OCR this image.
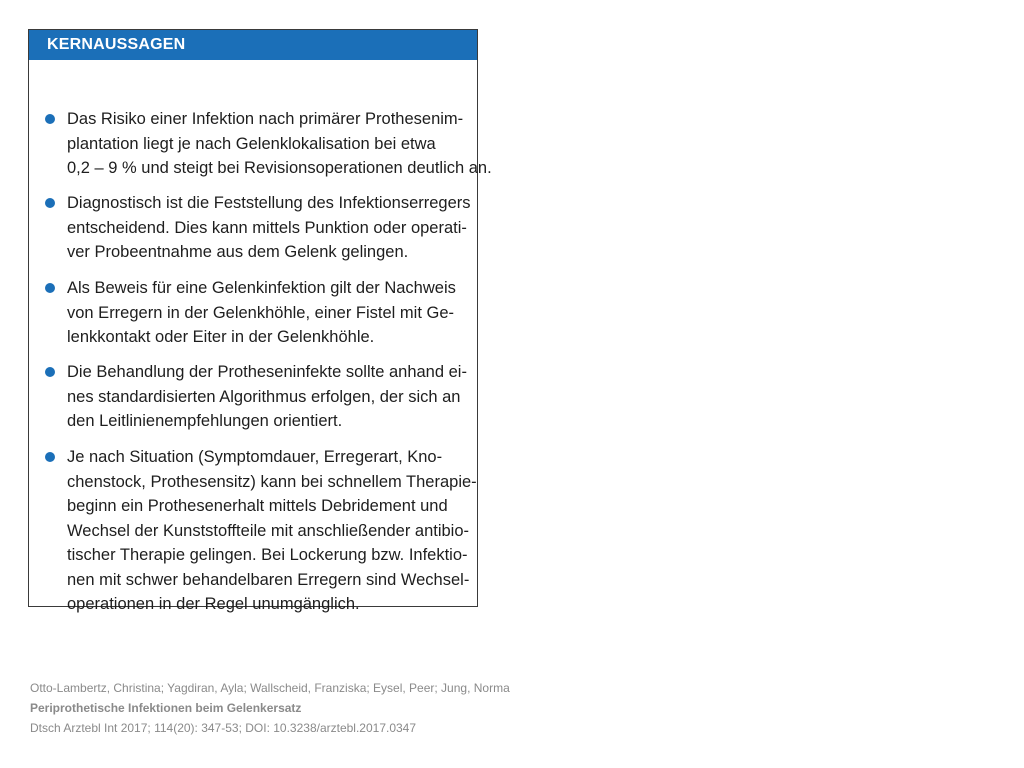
KERNAUSSAGEN
Das Risiko einer Infektion nach primärer Prothesenim-
plantation liegt je nach Gelenklokalisation bei etwa
0,2 – 9 % und steigt bei Revisionsoperationen deutlich an.
Diagnostisch ist die Feststellung des Infektionserregers
entscheidend. Dies kann mittels Punktion oder operati-
ver Probeentnahme aus dem Gelenk gelingen.
Als Beweis für eine Gelenkinfektion gilt der Nachweis
von Erregern in der Gelenkhöhle, einer Fistel mit Ge-
lenkkontakt oder Eiter in der Gelenkhöhle.
Die Behandlung der Protheseninfekte sollte anhand ei-
nes standardisierten Algorithmus erfolgen, der sich an
den Leitlinienempfehlungen orientiert.
Je nach Situation (Symptomdauer, Erregerart, Kno-
chenstock, Prothesensitz) kann bei schnellem Therapie-
beginn ein Prothesenerhalt mittels Debridement und
Wechsel der Kunststoffteile mit anschließender antibio-
tischer Therapie gelingen. Bei Lockerung bzw. Infektio-
nen mit schwer behandelbaren Erregern sind Wechsel-
operationen in der Regel unumgänglich.
Otto-Lambertz, Christina; Yagdiran, Ayla; Wallscheid, Franziska; Eysel, Peer; Jung, Norma
Periprothetische Infektionen beim Gelenkersatz
Dtsch Arztebl Int 2017; 114(20): 347-53; DOI: 10.3238/arztebl.2017.0347
